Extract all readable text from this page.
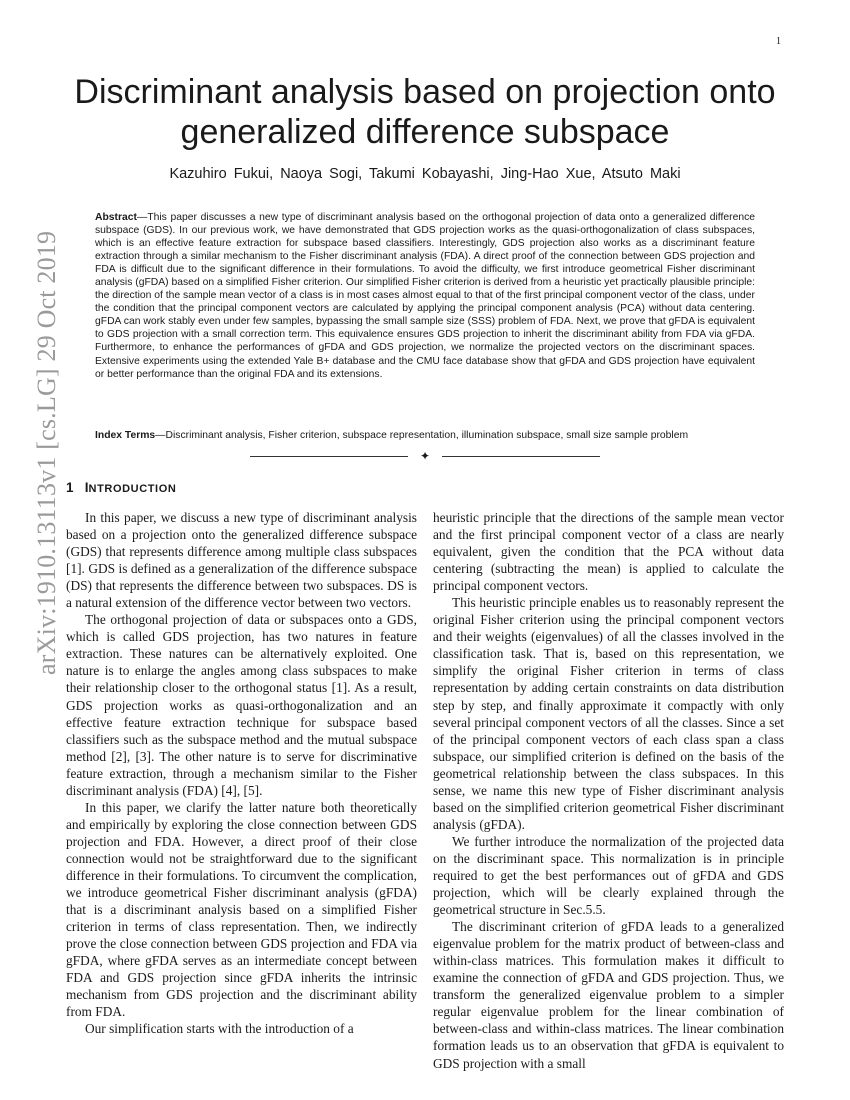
1
arXiv:1910.13113v1 [cs.LG] 29 Oct 2019
Discriminant analysis based on projection onto
generalized difference subspace
Kazuhiro Fukui, Naoya Sogi, Takumi Kobayashi, Jing-Hao Xue, Atsuto Maki
Abstract—This paper discusses a new type of discriminant analysis based on the orthogonal projection of data onto a generalized difference subspace (GDS). In our previous work, we have demonstrated that GDS projection works as the quasi-orthogonalization of class subspaces, which is an effective feature extraction for subspace based classifiers. Interestingly, GDS projection also works as a discriminant feature extraction through a similar mechanism to the Fisher discriminant analysis (FDA). A direct proof of the connection between GDS projection and FDA is difficult due to the significant difference in their formulations. To avoid the difficulty, we first introduce geometrical Fisher discriminant analysis (gFDA) based on a simplified Fisher criterion. Our simplified Fisher criterion is derived from a heuristic yet practically plausible principle: the direction of the sample mean vector of a class is in most cases almost equal to that of the first principal component vector of the class, under the condition that the principal component vectors are calculated by applying the principal component analysis (PCA) without data centering. gFDA can work stably even under few samples, bypassing the small sample size (SSS) problem of FDA. Next, we prove that gFDA is equivalent to GDS projection with a small correction term. This equivalence ensures GDS projection to inherit the discriminant ability from FDA via gFDA. Furthermore, to enhance the performances of gFDA and GDS projection, we normalize the projected vectors on the discriminant spaces. Extensive experiments using the extended Yale B+ database and the CMU face database show that gFDA and GDS projection have equivalent or better performance than the original FDA and its extensions.
Index Terms—Discriminant analysis, Fisher criterion, subspace representation, illumination subspace, small size sample problem
✦
1 INTRODUCTION

In this paper, we discuss a new type of discriminant analysis based on a projection onto the generalized difference subspace (GDS) that represents difference among multiple class subspaces [1]. GDS is defined as a generalization of the difference subspace (DS) that represents the difference between two subspaces. DS is a natural extension of the difference vector between two vectors.

The orthogonal projection of data or subspaces onto a GDS, which is called GDS projection, has two natures in feature extraction. These natures can be alternatively exploited. One nature is to enlarge the angles among class subspaces to make their relationship closer to the orthogonal status [1]. As a result, GDS projection works as quasi-orthogonalization and an effective feature extraction technique for subspace based classifiers such as the subspace method and the mutual subspace method [2], [3]. The other nature is to serve for discriminative feature extraction, through a mechanism similar to the Fisher discriminant analysis (FDA) [4], [5].

In this paper, we clarify the latter nature both theoretically and empirically by exploring the close connection between GDS projection and FDA. However, a direct proof of their close connection would not be straightforward due to the significant difference in their formulations. To circumvent the complication, we introduce geometrical Fisher discriminant analysis (gFDA) that is a discriminant analysis based on a simplified Fisher criterion in terms of class representation. Then, we indirectly prove the close connection between GDS projection and FDA via gFDA, where gFDA serves as an intermediate concept between FDA and GDS projection since gFDA inherits the intrinsic mechanism from GDS projection and the discriminant ability from FDA.

Our simplification starts with the introduction of a

heuristic principle that the directions of the sample mean vector and the first principal component vector of a class are nearly equivalent, given the condition that the PCA without data centering (subtracting the mean) is applied to calculate the principal component vectors.

This heuristic principle enables us to reasonably represent the original Fisher criterion using the principal component vectors and their weights (eigenvalues) of all the classes involved in the classification task. That is, based on this representation, we simplify the original Fisher criterion in terms of class representation by adding certain constraints on data distribution step by step, and finally approximate it compactly with only several principal component vectors of all the classes. Since a set of the principal component vectors of each class span a class subspace, our simplified criterion is defined on the basis of the geometrical relationship between the class subspaces. In this sense, we name this new type of Fisher discriminant analysis based on the simplified criterion geometrical Fisher discriminant analysis (gFDA).

We further introduce the normalization of the projected data on the discriminant space. This normalization is in principle required to get the best performances out of gFDA and GDS projection, which will be clearly explained through the geometrical structure in Sec.5.5.

The discriminant criterion of gFDA leads to a generalized eigenvalue problem for the matrix product of between-class and within-class matrices. This formulation makes it difficult to examine the connection of gFDA and GDS projection. Thus, we transform the generalized eigenvalue problem to a simpler regular eigenvalue problem for the linear combination of between-class and within-class matrices. The linear combination formation leads us to an observation that gFDA is equivalent to GDS projection with a small
